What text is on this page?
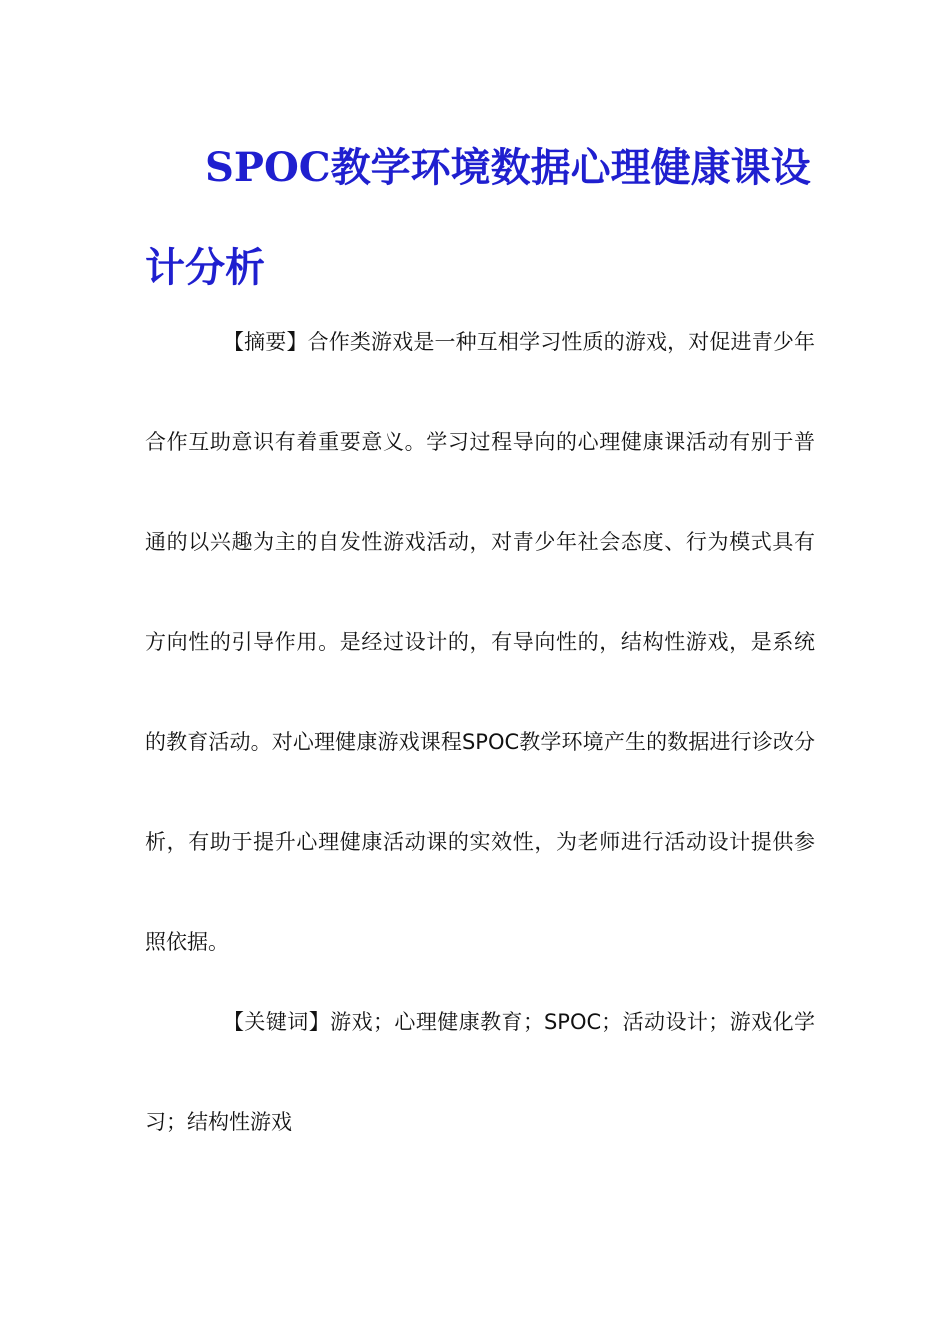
SPOC教学环境数据心理健康课设计分析

【摘要】合作类游戏是一种互相学习性质的游戏，对促进青少年合作互助意识有着重要意义。学习过程导向的心理健康课活动有别于普通的以兴趣为主的自发性游戏活动，对青少年社会态度、行为模式具有方向性的引导作用。是经过设计的，有导向性的，结构性游戏，是系统的教育活动。对心理健康游戏课程SPOC教学环境产生的数据进行诊改分析，有助于提升心理健康活动课的实效性，为老师进行活动设计提供参照依据。

【关键词】游戏；心理健康教育；SPOC；活动设计；游戏化学习；结构性游戏
